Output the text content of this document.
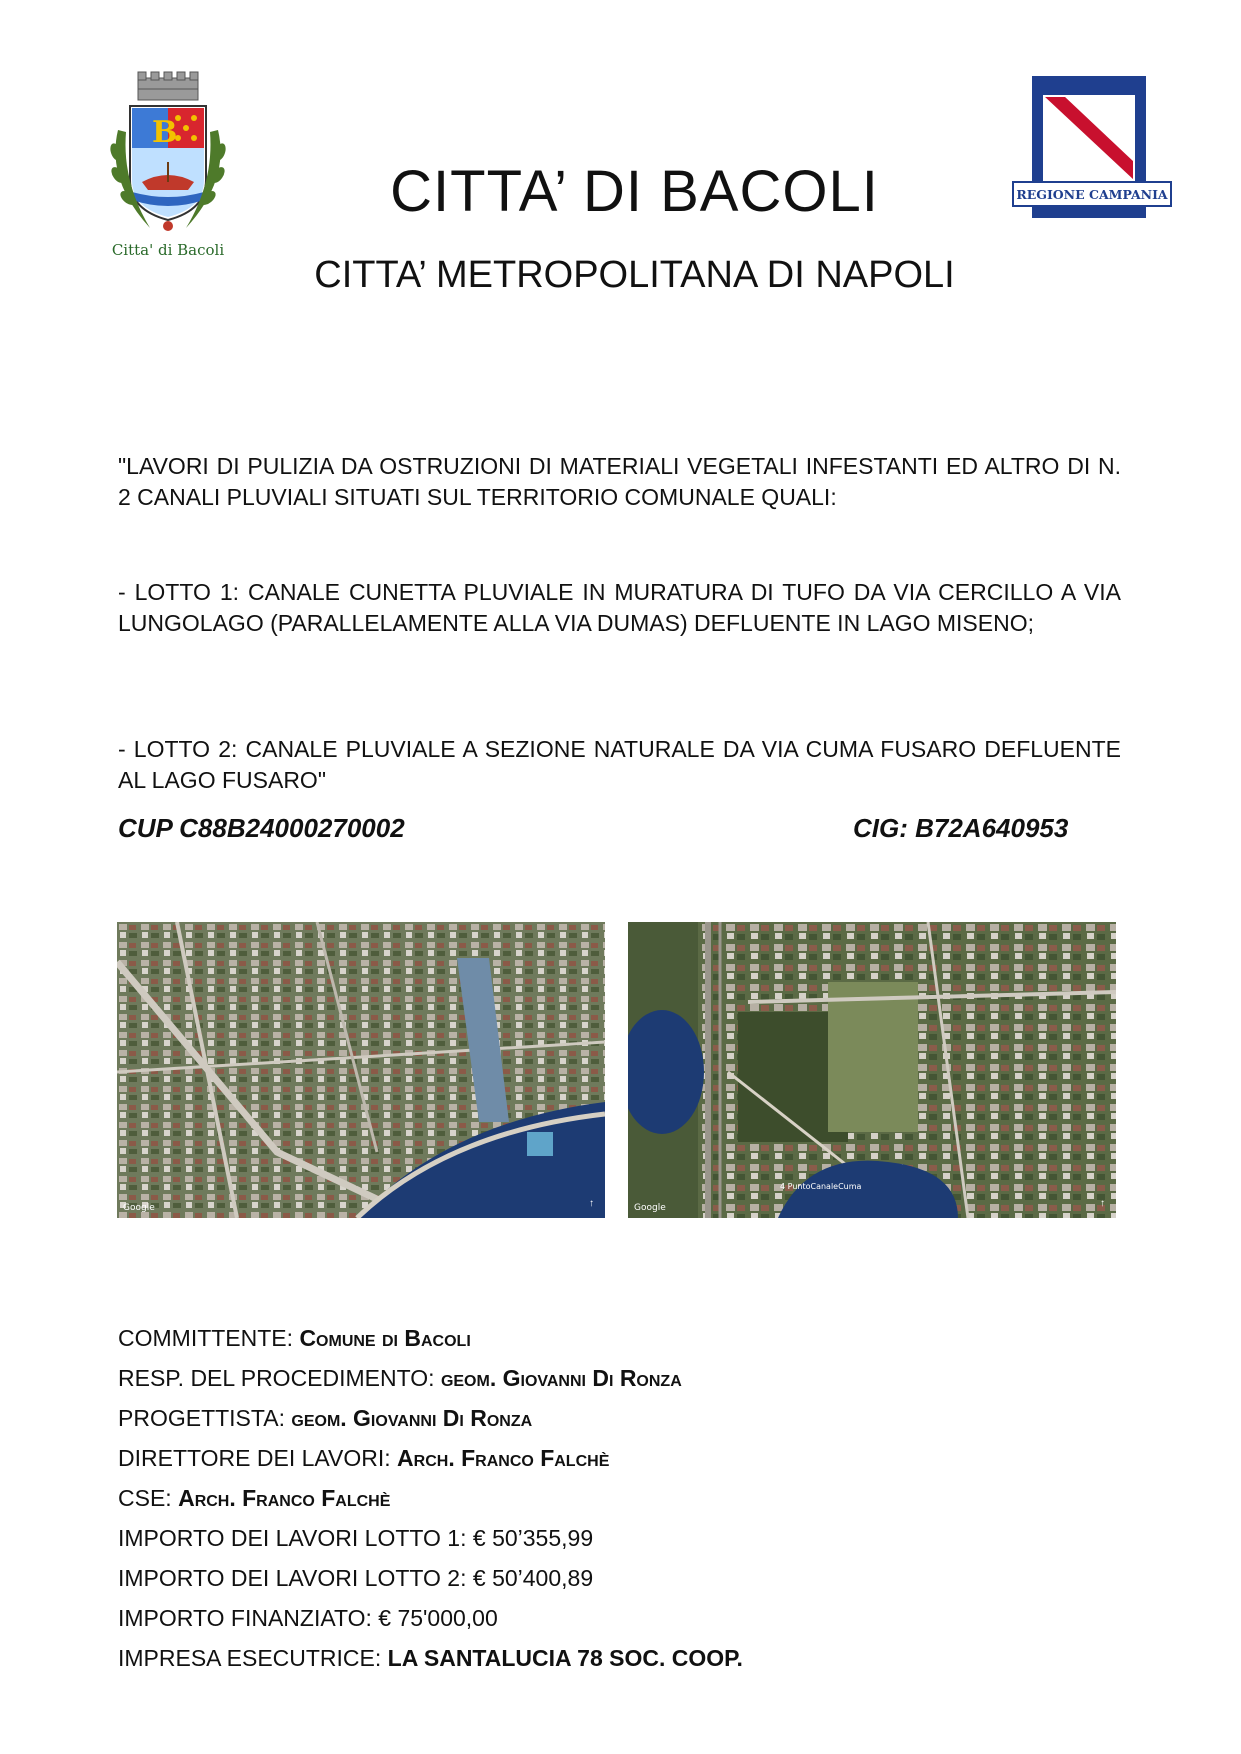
B
Citta' di Bacoli
REGIONE CAMPANIA
CITTA’ DI BACOLI
CITTA’ METROPOLITANA DI NAPOLI
"LAVORI DI PULIZIA DA OSTRUZIONI DI MATERIALI VEGETALI INFESTANTI ED ALTRO DI N. 2 CANALI PLUVIALI SITUATI SUL TERRITORIO COMUNALE QUALI:
- LOTTO 1: CANALE CUNETTA PLUVIALE IN MURATURA DI TUFO DA VIA CERCILLO A VIA LUNGOLAGO (PARALLELAMENTE ALLA VIA DUMAS) DEFLUENTE IN LAGO MISENO;
- LOTTO 2: CANALE PLUVIALE A SEZIONE NATURALE DA VIA CUMA FUSARO DEFLUENTE AL LAGO FUSARO"
CUP C88B24000270002	CIG: B72A640953
Google	↑
4 PuntoCanaleCuma
Google	↑
COMMITTENTE: Comune di Bacoli
RESP. DEL PROCEDIMENTO: geom. Giovanni Di Ronza
PROGETTISTA: geom. Giovanni Di Ronza
DIRETTORE DEI LAVORI: Arch. Franco Falchè
CSE: Arch. Franco Falchè
IMPORTO DEI LAVORI LOTTO 1: € 50’355,99
IMPORTO DEI LAVORI LOTTO 2: € 50’400,89
IMPORTO FINANZIATO: € 75'000,00
IMPRESA ESECUTRICE: LA SANTALUCIA 78 SOC. COOP.
